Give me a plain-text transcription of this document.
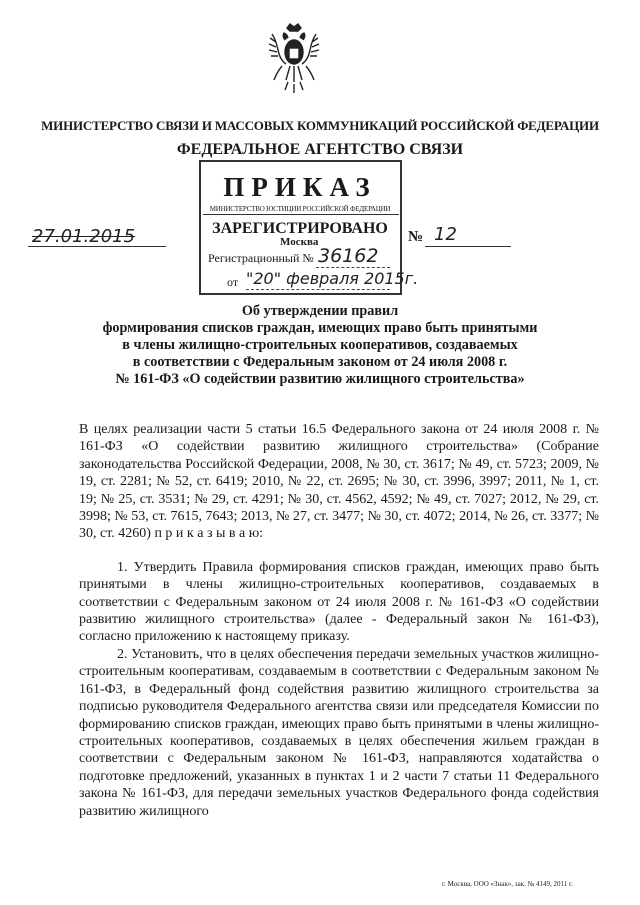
МИНИСТЕРСТВО СВЯЗИ И МАССОВЫХ КОММУНИКАЦИЙ РОССИЙСКОЙ ФЕДЕРАЦИИ
ФЕДЕРАЛЬНОЕ АГЕНТСТВО СВЯЗИ
ПРИКАЗ
МИНИСТЕРСТВО ЮСТИЦИИ РОССИЙСКОЙ ФЕДЕРАЦИИ
ЗАРЕГИСТРИРОВАНО
Москва
Регистрационный № 36162
от "20" февраля 2015г.
27.01.2015	№ 12
Об утверждении правил
формирования списков граждан, имеющих право быть принятыми
в члены жилищно-строительных кооперативов, создаваемых
в соответствии с Федеральным законом от 24 июля 2008 г.
№ 161-ФЗ «О содействии развитию жилищного строительства»

В целях реализации части 5 статьи 16.5 Федерального закона от 24 июля 2008 г. № 161-ФЗ «О содействии развитию жилищного строительства» (Собрание законодательства Российской Федерации, 2008, № 30, ст. 3617; № 49, ст. 5723; 2009, № 19, ст. 2281; № 52, ст. 6419; 2010, № 22, ст. 2695; № 30, ст. 3996, 3997; 2011, № 1, ст. 19; № 25, ст. 3531; № 29, ст. 4291; № 30, ст. 4562, 4592; № 49, ст. 7027; 2012, № 29, ст. 3998; № 53, ст. 7615, 7643; 2013, № 27, ст. 3477; № 30, ст. 4072; 2014, № 26, ст. 3377; № 30, ст. 4260) п р и к а з ы в а ю:

1. Утвердить Правила формирования списков граждан, имеющих право быть принятыми в члены жилищно-строительных кооперативов, создаваемых в соответствии с Федеральным законом от 24 июля 2008 г. № 161-ФЗ «О содействии развитию жилищного строительства» (далее - Федеральный закон № 161-ФЗ), согласно приложению к настоящему приказу.

2. Установить, что в целях обеспечения передачи земельных участков жилищно-строительным кооперативам, создаваемым в соответствии с Федеральным законом № 161-ФЗ, в Федеральный фонд содействия развитию жилищного строительства за подписью руководителя Федерального агентства связи или председателя Комиссии по формированию списков граждан, имеющих право быть принятыми в члены жилищно-строительных кооперативов, создаваемых в целях обеспечения жильем граждан в соответствии с Федеральным законом № 161-ФЗ, направляются ходатайства о подготовке предложений, указанных в пунктах 1 и 2 части 7 статьи 11 Федерального закона № 161-ФЗ, для передачи земельных участков Федерального фонда содействия развитию жилищного

г. Москва, ООО «Знак», зак. № 4149, 2011 г.
